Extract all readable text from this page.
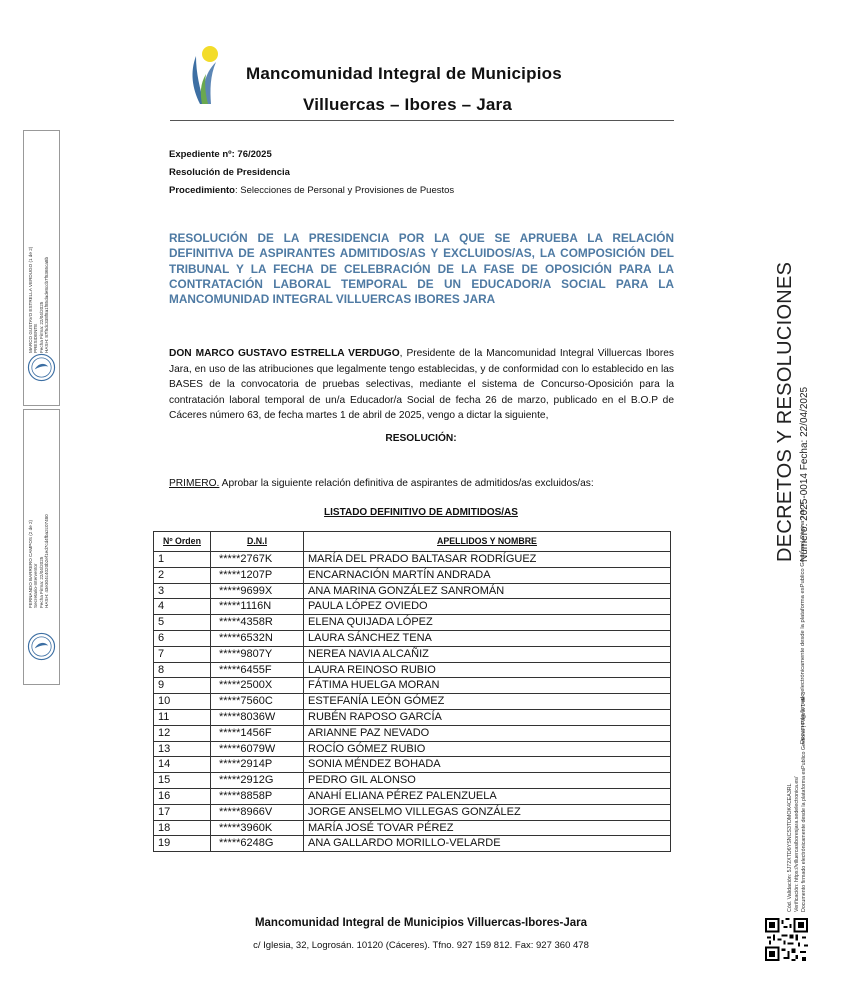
Mancomunidad Integral de Municipios
Villuercas – Ibores – Jara
Expediente nº: 76/2025
Resolución de Presidencia
Procedimiento: Selecciones de Personal y Provisiones de Puestos
RESOLUCIÓN DE LA PRESIDENCIA POR LA QUE SE APRUEBA LA RELACIÓN DEFINITIVA DE ASPIRANTES ADMITIDOS/AS Y EXCLUIDOS/AS, LA COMPOSICIÓN DEL TRIBUNAL Y LA FECHA DE CELEBRACIÓN DE LA FASE DE OPOSICIÓN PARA LA CONTRATACIÓN LABORAL TEMPORAL DE UN EDUCADOR/A SOCIAL PARA LA MANCOMUNIDAD INTEGRAL VILLUERCAS IBORES JARA
DON MARCO GUSTAVO ESTRELLA VERDUGO, Presidente de la Mancomunidad Integral Villuercas Ibores Jara, en uso de las atribuciones que legalmente tengo establecidas, y de conformidad con lo establecido en las BASES de la convocatoria de pruebas selectivas, mediante el sistema de Concurso-Oposición para la contratación laboral temporal de un/a Educador/a Social de fecha 26 de marzo, publicado en el B.O.P de Cáceres número 63, de fecha martes 1 de abril de 2025, vengo a dictar la siguiente,
RESOLUCIÓN:
PRIMERO. Aprobar la siguiente relación definitiva de aspirantes de admitidos/as excluidos/as:
LISTADO DEFINITIVO DE ADMITIDOS/AS
Nº Orden	D.N.I	APELLIDOS Y NOMBRE
1	*****2767K	MARÍA DEL PRADO BALTASAR RODRÍGUEZ
2	*****1207P	ENCARNACIÓN MARTÍN ANDRADA
3	*****9699X	ANA MARINA GONZÁLEZ SANROMÁN
4	*****1116N	PAULA LÓPEZ OVIEDO
5	*****4358R	ELENA QUIJADA LÓPEZ
6	*****6532N	LAURA SÁNCHEZ TENA
7	*****9807Y	NEREA NAVIA ALCAÑIZ
8	*****6455F	LAURA REINOSO RUBIO
9	*****2500X	FÁTIMA HUELGA MORAN
10	*****7560C	ESTEFANÍA LEÓN GÓMEZ
11	*****8036W	RUBÉN RAPOSO GARCÍA
12	*****1456F	ARIANNE PAZ NEVADO
13	*****6079W	ROCÍO GÓMEZ RUBIO
14	*****2914P	SONIA MÉNDEZ BOHADA
15	*****2912G	PEDRO GIL ALONSO
16	*****8858P	ANAHÍ ELIANA PÉREZ PALENZUELA
17	*****8966V	JORGE ANSELMO VILLEGAS GONZÁLEZ
18	*****3960K	MARÍA JOSÉ TOVAR PÉREZ
19	*****6248G	ANA GALLARDO MORILLO-VELARDE
Mancomunidad Integral de Municipios Villuercas-Ibores-Jara
c/ Iglesia, 32, Logrosán. 10120 (Cáceres). Tfno. 927 159 812. Fax: 927 360 478
MARCO GUSTAVO ESTRELLA VERDUGO (1 de 2) PRESIDENTE Fecha Firma: 22/04/2025 HASH: 87f5dc338f8a1f85dade8ccb7f5365ca8b
FERNANDO BARRERO CAMPOS (2 de 2) Secretario-Interventor Fecha Firma: 22/04/2025 HASH: 43e304c4020b2ef1ed7cd4fba2c07480	DECRETOS Y RESOLUCIONES Número: 2025-0014 Fecha: 22/04/2025
Documento firmado electrónicamente desde la plataforma esPublico Gestiona | Página 1 de 3
Cód. Validación: 5J72XTD6YSNCS3TDMOK4CEA3RL Verificación: https://villuercasiboresjara.sedelectronica.es/ Documento firmado electrónicamente desde la plataforma esPublico Gestiona | Página 1 de 3
